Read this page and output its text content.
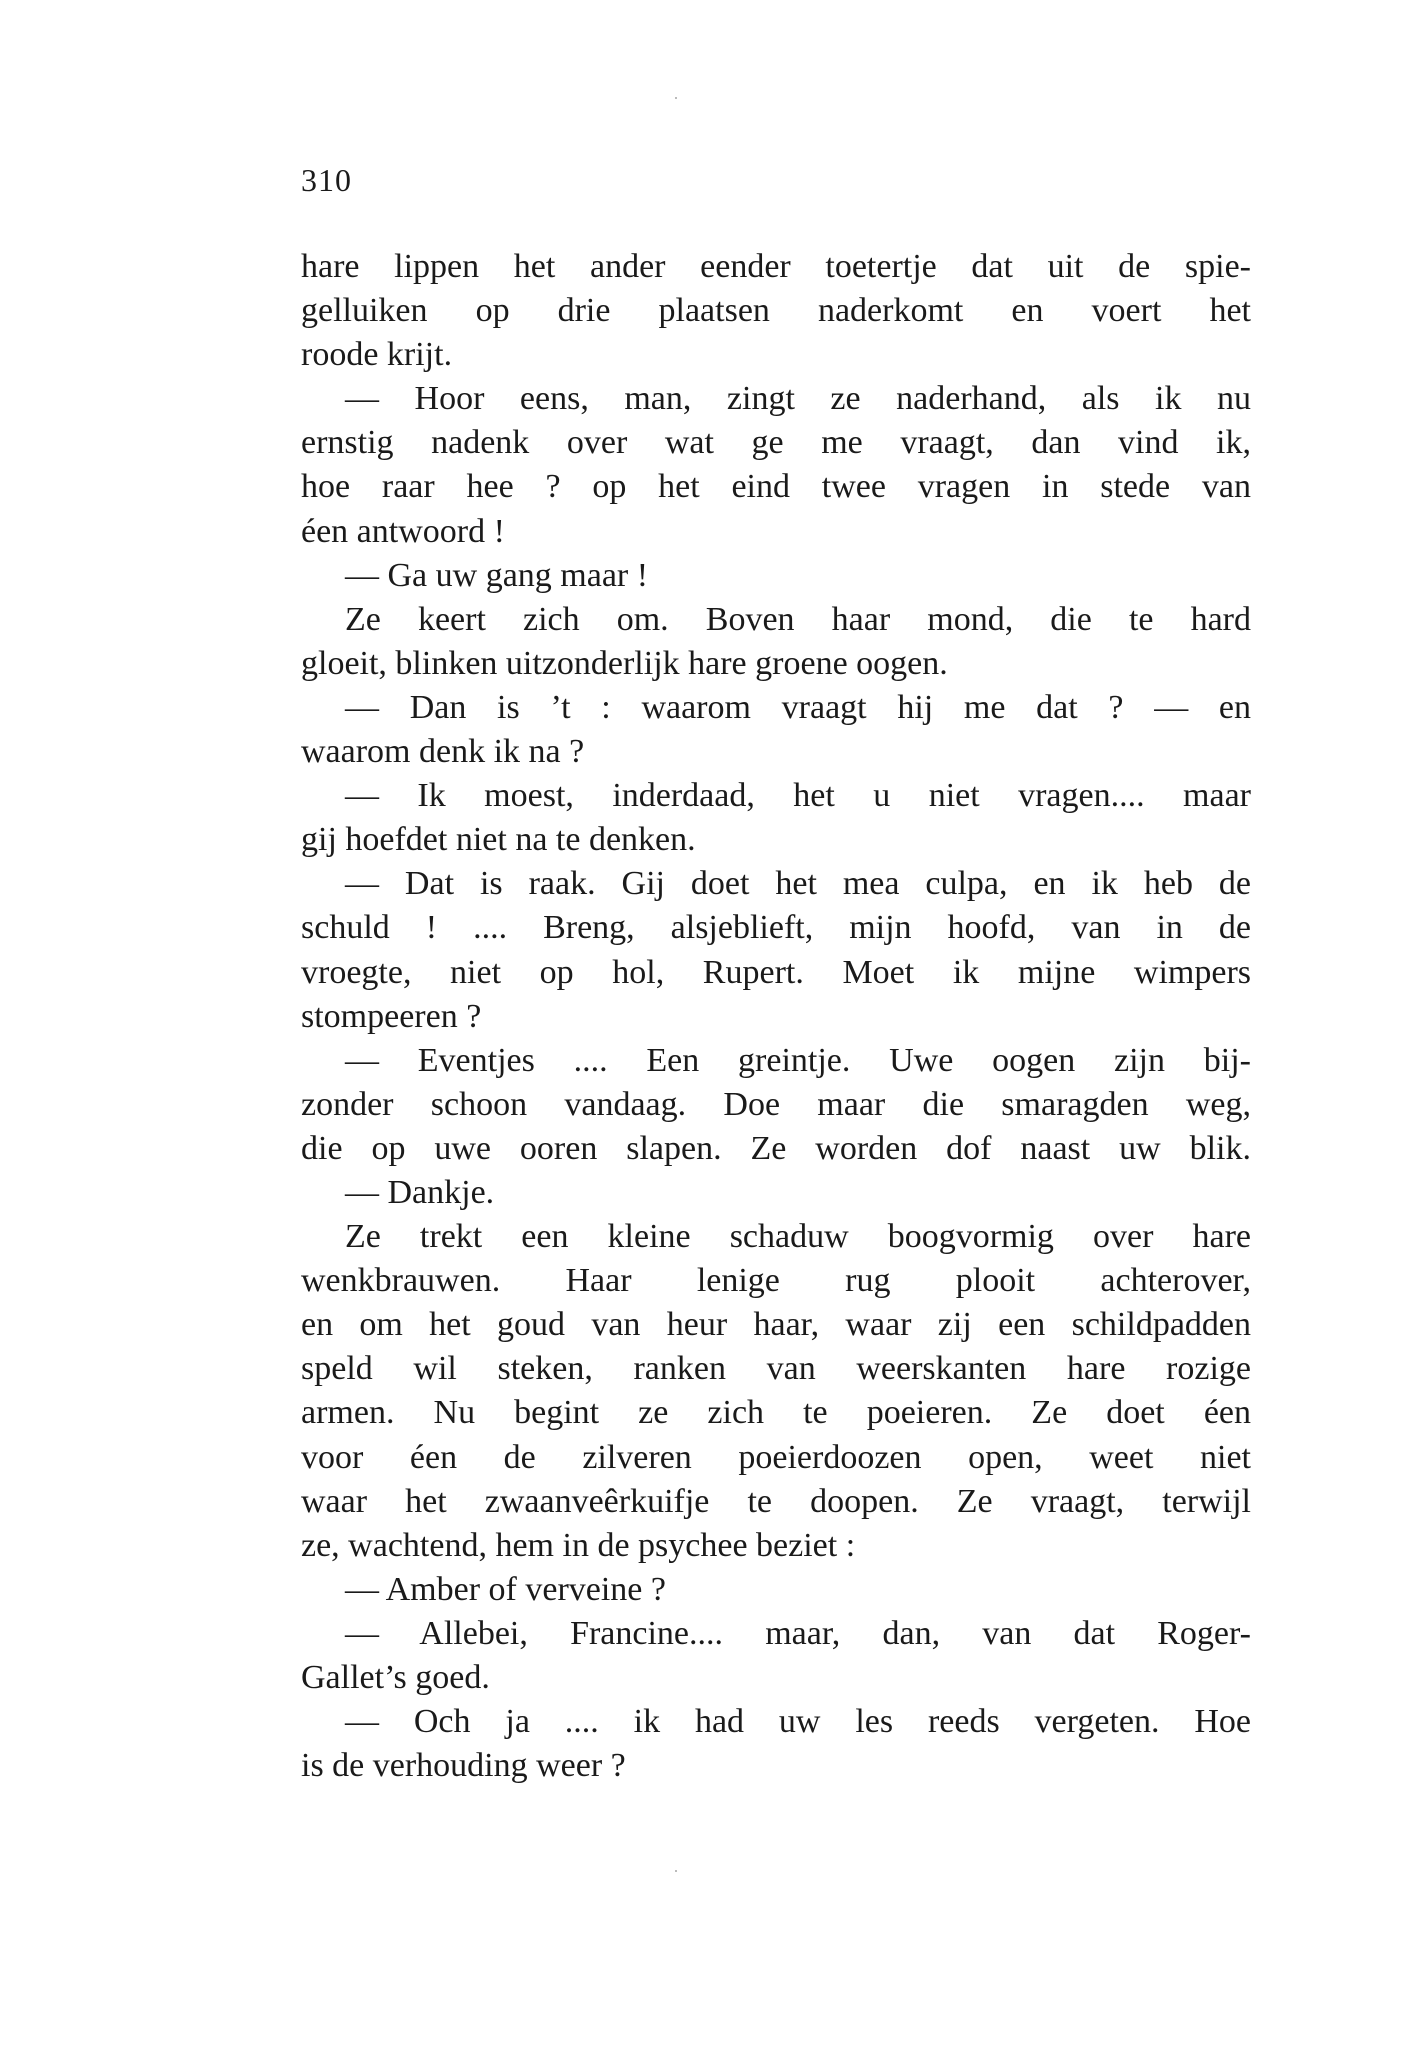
310
hare lippen het ander eender toetertje dat uit de spie-
gelluiken op drie plaatsen naderkomt en voert het
roode krijt.
— Hoor eens, man, zingt ze naderhand, als ik nu
ernstig nadenk over wat ge me vraagt, dan vind ik,
hoe raar hee ? op het eind twee vragen in stede van
éen antwoord !
— Ga uw gang maar !
Ze keert zich om. Boven haar mond, die te hard
gloeit, blinken uitzonderlijk hare groene oogen.
— Dan is ’t : waarom vraagt hij me dat ? — en
waarom denk ik na ?
— Ik moest, inderdaad, het u niet vragen.... maar
gij hoefdet niet na te denken.
— Dat is raak. Gij doet het mea culpa, en ik heb de
schuld ! .... Breng, alsjeblieft, mijn hoofd, van in de
vroegte, niet op hol, Rupert. Moet ik mijne wimpers
stompeeren ?
— Eventjes .... Een greintje. Uwe oogen zijn bij-
zonder schoon vandaag. Doe maar die smaragden weg,
die op uwe ooren slapen. Ze worden dof naast uw blik.
— Dankje.
Ze trekt een kleine schaduw boogvormig over hare
wenkbrauwen. Haar lenige rug plooit achterover,
en om het goud van heur haar, waar zij een schildpadden
speld wil steken, ranken van weerskanten hare rozige
armen. Nu begint ze zich te poeieren. Ze doet éen
voor éen de zilveren poeierdoozen open, weet niet
waar het zwaanveêrkuifje te doopen. Ze vraagt, terwijl
ze, wachtend, hem in de psychee beziet :
— Amber of verveine ?
— Allebei, Francine.... maar, dan, van dat Roger-
Gallet’s goed.
— Och ja .... ik had uw les reeds vergeten. Hoe
is de verhouding weer ?
